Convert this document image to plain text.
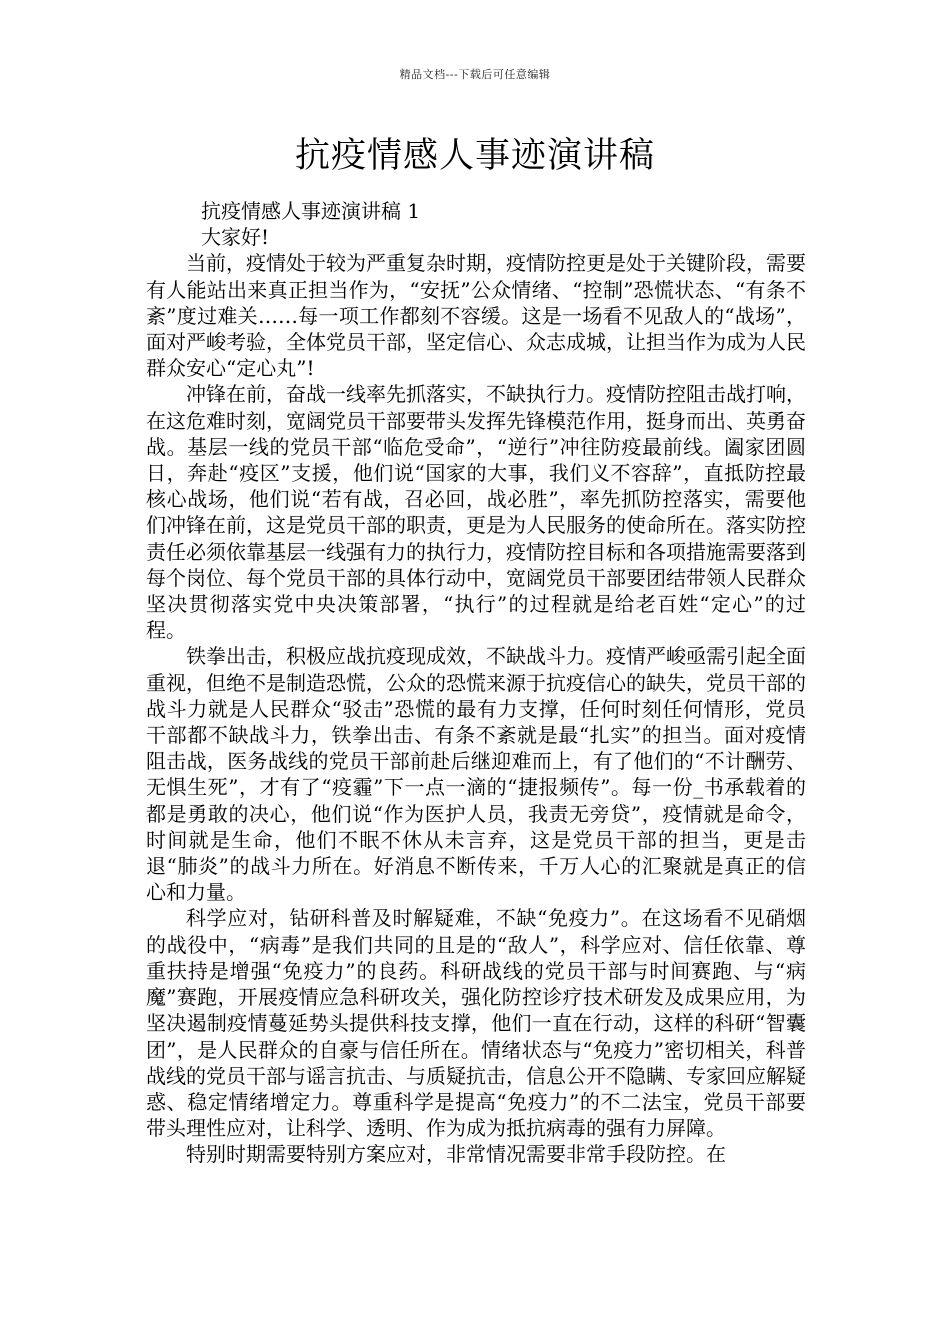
精品文档---下载后可任意编辑
抗疫情感人事迹演讲稿

抗疫情感人事迹演讲稿 1

大家好!

当前，疫情处于较为严重复杂时期，疫情防控更是处于关键阶段，需要有人能站出来真正担当作为，“安抚”公众情绪、“控制”恐慌状态、“有条不紊”度过难关……每一项工作都刻不容缓。这是一场看不见敌人的“战场”，面对严峻考验，全体党员干部，坚定信心、众志成城，让担当作为成为人民群众安心“定心丸”!

冲锋在前，奋战一线率先抓落实，不缺执行力。疫情防控阻击战打响，在这危难时刻，宽阔党员干部要带头发挥先锋模范作用，挺身而出、英勇奋战。基层一线的党员干部“临危受命”，“逆行”冲往防疫最前线。阖家团圆日，奔赴“疫区”支援，他们说“国家的大事，我们义不容辞”，直抵防控最核心战场，他们说“若有战，召必回，战必胜”，率先抓防控落实，需要他们冲锋在前，这是党员干部的职责，更是为人民服务的使命所在。落实防控责任必须依靠基层一线强有力的执行力，疫情防控目标和各项措施需要落到每个岗位、每个党员干部的具体行动中，宽阔党员干部要团结带领人民群众坚决贯彻落实党中央决策部署，“执行”的过程就是给老百姓“定心”的过程。

铁拳出击，积极应战抗疫现成效，不缺战斗力。疫情严峻亟需引起全面重视，但绝不是制造恐慌，公众的恐慌来源于抗疫信心的缺失，党员干部的战斗力就是人民群众“驳击”恐慌的最有力支撑，任何时刻任何情形，党员干部都不缺战斗力，铁拳出击、有条不紊就是最“扎实”的担当。面对疫情阻击战，医务战线的党员干部前赴后继迎难而上，有了他们的“不计酬劳、无惧生死”，才有了“疫霾”下一点一滴的“捷报频传”。每一份_书承载着的都是勇敢的决心，他们说“作为医护人员，我责无旁贷”，疫情就是命令，时间就是生命，他们不眠不休从未言弃，这是党员干部的担当，更是击退“肺炎”的战斗力所在。好消息不断传来，千万人心的汇聚就是真正的信心和力量。

科学应对，钻研科普及时解疑难，不缺“免疫力”。在这场看不见硝烟的战役中，“病毒”是我们共同的且是的“敌人”，科学应对、信任依靠、尊重扶持是增强“免疫力”的良药。科研战线的党员干部与时间赛跑、与“病魔”赛跑，开展疫情应急科研攻关，强化防控诊疗技术研发及成果应用，为坚决遏制疫情蔓延势头提供科技支撑，他们一直在行动，这样的科研“智囊团”，是人民群众的自豪与信任所在。情绪状态与“免疫力”密切相关，科普战线的党员干部与谣言抗击、与质疑抗击，信息公开不隐瞒、专家回应解疑惑、稳定情绪增定力。尊重科学是提高“免疫力”的不二法宝，党员干部要带头理性应对，让科学、透明、作为成为抵抗病毒的强有力屏障。

特别时期需要特别方案应对，非常情况需要非常手段防控。在
